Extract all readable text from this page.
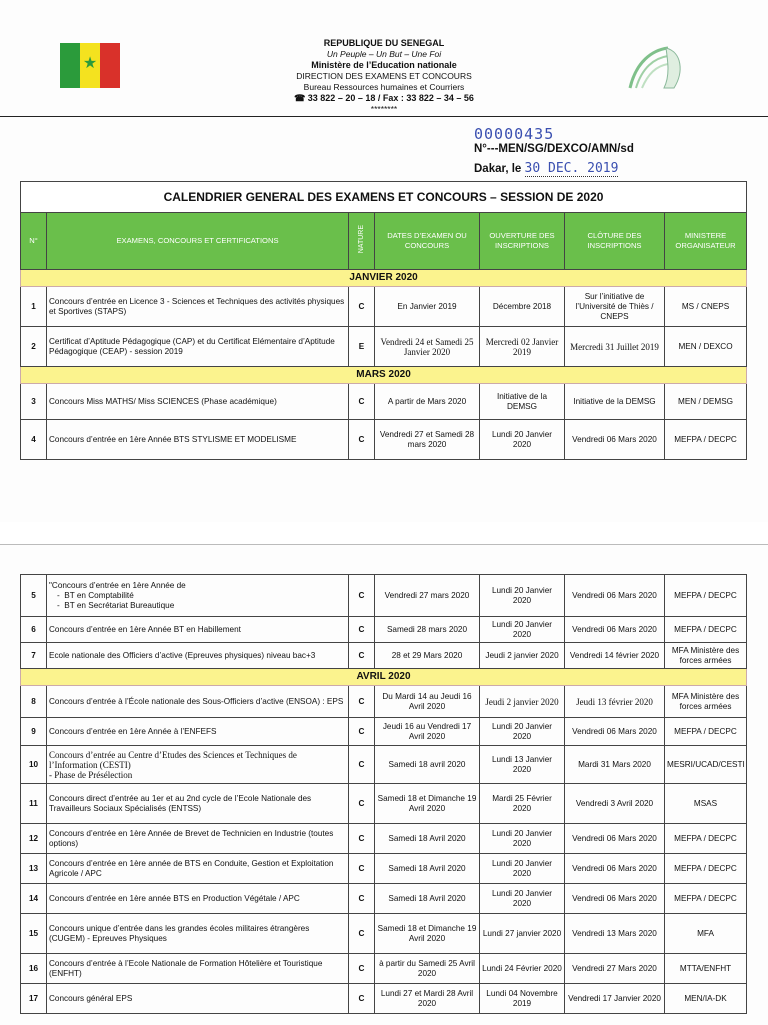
★
REPUBLIQUE DU SENEGAL
Un Peuple – Un But – Une Foi
Ministère de l’Education nationale
DIRECTION DES EXAMENS ET CONCOURS
Bureau Ressources humaines et Courriers
☎ 33 822 – 20 – 18 / Fax : 33 822 – 34 – 56
********
00000435
N°---MEN/SG/DEXCO/AMN/sd
Dakar, le 30 DEC. 2019
CALENDRIER GENERAL DES EXAMENS ET CONCOURS – SESSION DE 2020						
N°	EXAMENS, CONCOURS ET CERTIFICATIONS	NATURE	DATES D’EXAMEN OU CONCOURS	OUVERTURE DES INSCRIPTIONS	CLÔTURE DES INSCRIPTIONS	MINISTERE ORGANISATEUR
JANVIER 2020						
1	Concours d’entrée en Licence 3 - Sciences et Techniques des activités physiques et Sportives (STAPS)	C	En Janvier 2019	Décembre 2018	Sur l’initiative de l’Université de Thiès / CNEPS	MS / CNEPS
2	Certificat d’Aptitude Pédagogique (CAP) et du Certificat Elémentaire d’Aptitude Pédagogique (CEAP) - session 2019	E	Vendredi 24 et Samedi 25 Janvier 2020	Mercredi 02 Janvier 2019	Mercredi 31 Juillet 2019	MEN / DEXCO
MARS 2020						
3	Concours Miss MATHS/ Miss SCIENCES (Phase académique)	C	A partir de Mars 2020	Initiative de la DEMSG	Initiative de la DEMSG	MEN / DEMSG
4	Concours d’entrée en 1ère Année BTS STYLISME ET MODELISME	C	Vendredi 27 et Samedi 28 mars 2020	Lundi 20 Janvier 2020	Vendredi 06 Mars 2020	MEFPA / DECPC
5	"Concours d’entrée en 1ère Année de
-  BT en Comptabilité
-  BT en Secrétariat Bureautique	C	Vendredi 27 mars 2020	Lundi 20 Janvier 2020	Vendredi 06 Mars 2020	MEFPA / DECPC
6	Concours d’entrée en 1ère Année BT en Habillement	C	Samedi 28 mars 2020	Lundi 20 Janvier 2020	Vendredi 06 Mars 2020	MEFPA / DECPC
7	Ecole nationale des Officiers d’active (Epreuves physiques) niveau bac+3	C	28 et 29 Mars 2020	Jeudi 2 janvier 2020	Vendredi 14 février 2020	MFA Ministère des forces armées
AVRIL 2020						
8	Concours d’entrée à l’École nationale des Sous-Officiers d’active (ENSOA) : EPS	C	Du Mardi 14 au Jeudi 16 Avril 2020	Jeudi 2 janvier 2020	Jeudi 13 février 2020	MFA Ministère des forces armées
9	Concours d’entrée en 1ère Année à l’ENFEFS	C	Jeudi 16 au Vendredi 17 Avril 2020	Lundi 20 Janvier 2020	Vendredi 06 Mars 2020	MEFPA / DECPC
10	Concours d’entrée au Centre d’Etudes des Sciences et Techniques de l’Information (CESTI)
- Phase de Présélection	C	Samedi 18 avril 2020	Lundi 13 Janvier 2020	Mardi 31 Mars 2020	MESRI/UCAD/CESTI
11	Concours direct d’entrée au 1er et au 2nd cycle de l’Ecole Nationale des Travailleurs Sociaux Spécialisés (ENTSS)	C	Samedi 18 et Dimanche 19 Avril 2020	Mardi 25 Février 2020	Vendredi 3 Avril 2020	MSAS
12	Concours d’entrée en 1ère Année de Brevet de Technicien en Industrie (toutes options)	C	Samedi 18 Avril 2020	Lundi 20 Janvier 2020	Vendredi 06 Mars 2020	MEFPA / DECPC
13	Concours d’entrée en 1ère année de BTS en Conduite, Gestion et Exploitation Agricole / APC	C	Samedi 18 Avril 2020	Lundi 20 Janvier 2020	Vendredi 06 Mars 2020	MEFPA / DECPC
14	Concours d’entrée en 1ère année BTS en Production Végétale / APC	C	Samedi 18 Avril 2020	Lundi 20 Janvier 2020	Vendredi 06 Mars 2020	MEFPA / DECPC
15	Concours unique d’entrée dans les grandes écoles militaires étrangères (CUGEM) - Epreuves Physiques	C	Samedi 18 et Dimanche 19 Avril 2020	Lundi 27 janvier 2020	Vendredi 13 Mars 2020	MFA
16	Concours d’entrée à l’Ecole Nationale de Formation Hôtelière et Touristique (ENFHT)	C	à partir du Samedi 25 Avril 2020	Lundi 24 Février 2020	Vendredi 27 Mars 2020	MTTA/ENFHT
17	Concours général EPS	C	Lundi 27 et Mardi 28 Avril 2020	Lundi 04 Novembre 2019	Vendredi 17 Janvier 2020	MEN/IA-DK
